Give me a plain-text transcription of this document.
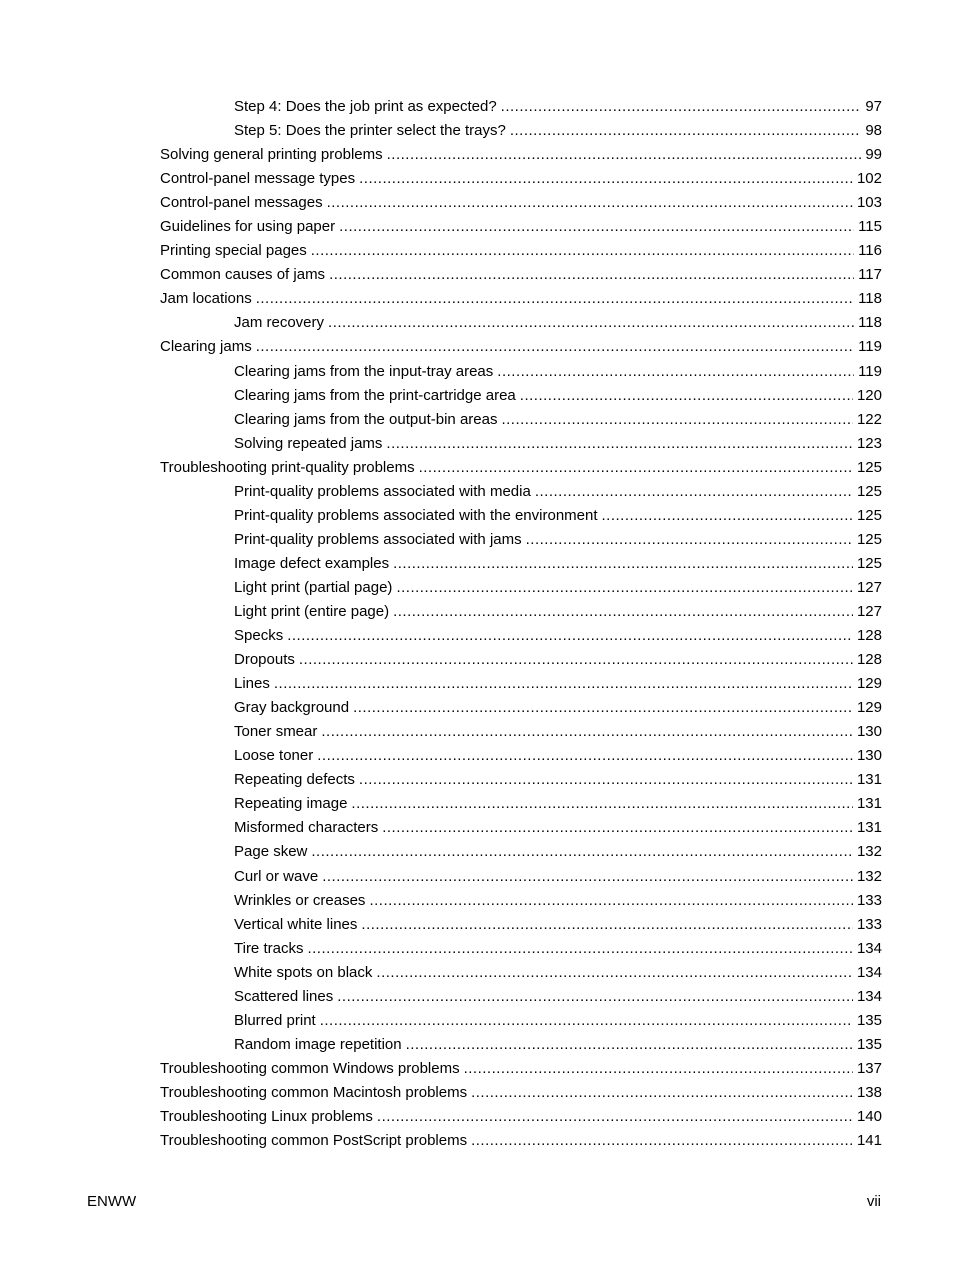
Step 4: Does the job print as expected? .....	97
Step 5: Does the printer select the trays? .....	98
Solving general printing problems .....	99
Control-panel message types .....	102
Control-panel messages .....	103
Guidelines for using paper .....	115
Printing special pages .....	116
Common causes of jams .....	117
Jam locations .....	118
Jam recovery .....	118
Clearing jams .....	119
Clearing jams from the input-tray areas .....	119
Clearing jams from the print-cartridge area .....	120
Clearing jams from the output-bin areas .....	122
Solving repeated jams .....	123
Troubleshooting print-quality problems .....	125
Print-quality problems associated with media .....	125
Print-quality problems associated with the environment .....	125
Print-quality problems associated with jams .....	125
Image defect examples .....	125
Light print (partial page) .....	127
Light print (entire page) .....	127
Specks .....	128
Dropouts .....	128
Lines .....	129
Gray background .....	129
Toner smear .....	130
Loose toner .....	130
Repeating defects .....	131
Repeating image .....	131
Misformed characters .....	131
Page skew .....	132
Curl or wave .....	132
Wrinkles or creases .....	133
Vertical white lines .....	133
Tire tracks .....	134
White spots on black .....	134
Scattered lines .....	134
Blurred print .....	135
Random image repetition .....	135
Troubleshooting common Windows problems .....	137
Troubleshooting common Macintosh problems .....	138
Troubleshooting Linux problems .....	140
Troubleshooting common PostScript problems .....	141
ENWW	vii
